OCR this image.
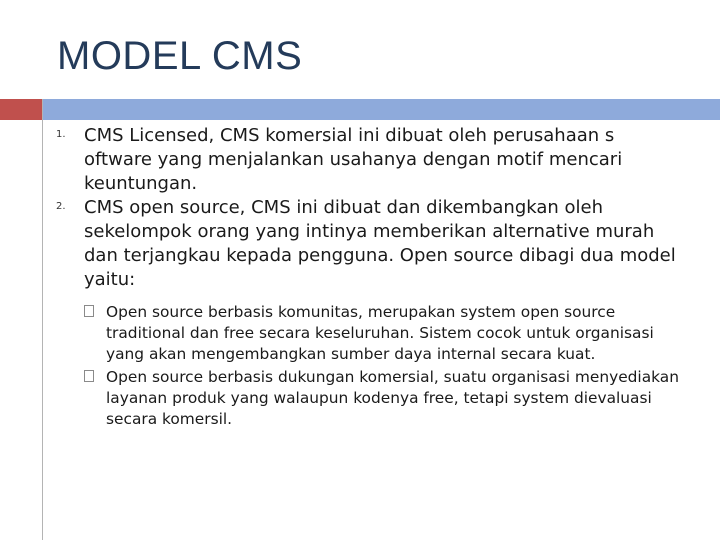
MODEL CMS
1. CMS Licensed, CMS komersial ini dibuat oleh perusahaan s oftware yang menjalankan usahanya dengan motif mencari keuntungan.
2. CMS open source, CMS ini dibuat dan dikembangkan oleh sekelompok orang yang intinya memberikan alternative murah dan terjangkau kepada pengguna. Open source dibagi dua model yaitu:
Open source berbasis komunitas, merupakan system open source traditional dan free secara keseluruhan. Sistem cocok untuk organisasi yang akan mengembangkan sumber daya internal secara kuat.
Open source berbasis dukungan komersial, suatu organisasi menyediakan layanan produk yang walaupun kodenya free, tetapi system dievaluasi secara komersil.
